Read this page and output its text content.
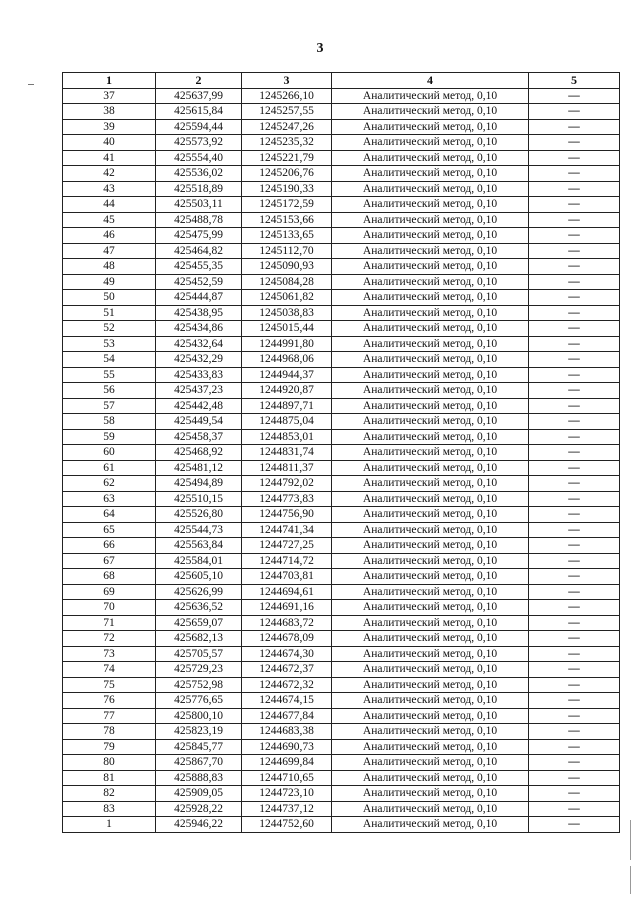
3
1	2	3	4	5
37	425637,99	1245266,10	Аналитический метод, 0,10	—
38	425615,84	1245257,55	Аналитический метод, 0,10	—
39	425594,44	1245247,26	Аналитический метод, 0,10	—
40	425573,92	1245235,32	Аналитический метод, 0,10	—
41	425554,40	1245221,79	Аналитический метод, 0,10	—
42	425536,02	1245206,76	Аналитический метод, 0,10	—
43	425518,89	1245190,33	Аналитический метод, 0,10	—
44	425503,11	1245172,59	Аналитический метод, 0,10	—
45	425488,78	1245153,66	Аналитический метод, 0,10	—
46	425475,99	1245133,65	Аналитический метод, 0,10	—
47	425464,82	1245112,70	Аналитический метод, 0,10	—
48	425455,35	1245090,93	Аналитический метод, 0,10	—
49	425452,59	1245084,28	Аналитический метод, 0,10	—
50	425444,87	1245061,82	Аналитический метод, 0,10	—
51	425438,95	1245038,83	Аналитический метод, 0,10	—
52	425434,86	1245015,44	Аналитический метод, 0,10	—
53	425432,64	1244991,80	Аналитический метод, 0,10	—
54	425432,29	1244968,06	Аналитический метод, 0,10	—
55	425433,83	1244944,37	Аналитический метод, 0,10	—
56	425437,23	1244920,87	Аналитический метод, 0,10	—
57	425442,48	1244897,71	Аналитический метод, 0,10	—
58	425449,54	1244875,04	Аналитический метод, 0,10	—
59	425458,37	1244853,01	Аналитический метод, 0,10	—
60	425468,92	1244831,74	Аналитический метод, 0,10	—
61	425481,12	1244811,37	Аналитический метод, 0,10	—
62	425494,89	1244792,02	Аналитический метод, 0,10	—
63	425510,15	1244773,83	Аналитический метод, 0,10	—
64	425526,80	1244756,90	Аналитический метод, 0,10	—
65	425544,73	1244741,34	Аналитический метод, 0,10	—
66	425563,84	1244727,25	Аналитический метод, 0,10	—
67	425584,01	1244714,72	Аналитический метод, 0,10	—
68	425605,10	1244703,81	Аналитический метод, 0,10	—
69	425626,99	1244694,61	Аналитический метод, 0,10	—
70	425636,52	1244691,16	Аналитический метод, 0,10	—
71	425659,07	1244683,72	Аналитический метод, 0,10	—
72	425682,13	1244678,09	Аналитический метод, 0,10	—
73	425705,57	1244674,30	Аналитический метод, 0,10	—
74	425729,23	1244672,37	Аналитический метод, 0,10	—
75	425752,98	1244672,32	Аналитический метод, 0,10	—
76	425776,65	1244674,15	Аналитический метод, 0,10	—
77	425800,10	1244677,84	Аналитический метод, 0,10	—
78	425823,19	1244683,38	Аналитический метод, 0,10	—
79	425845,77	1244690,73	Аналитический метод, 0,10	—
80	425867,70	1244699,84	Аналитический метод, 0,10	—
81	425888,83	1244710,65	Аналитический метод, 0,10	—
82	425909,05	1244723,10	Аналитический метод, 0,10	—
83	425928,22	1244737,12	Аналитический метод, 0,10	—
1	425946,22	1244752,60	Аналитический метод, 0,10	—
